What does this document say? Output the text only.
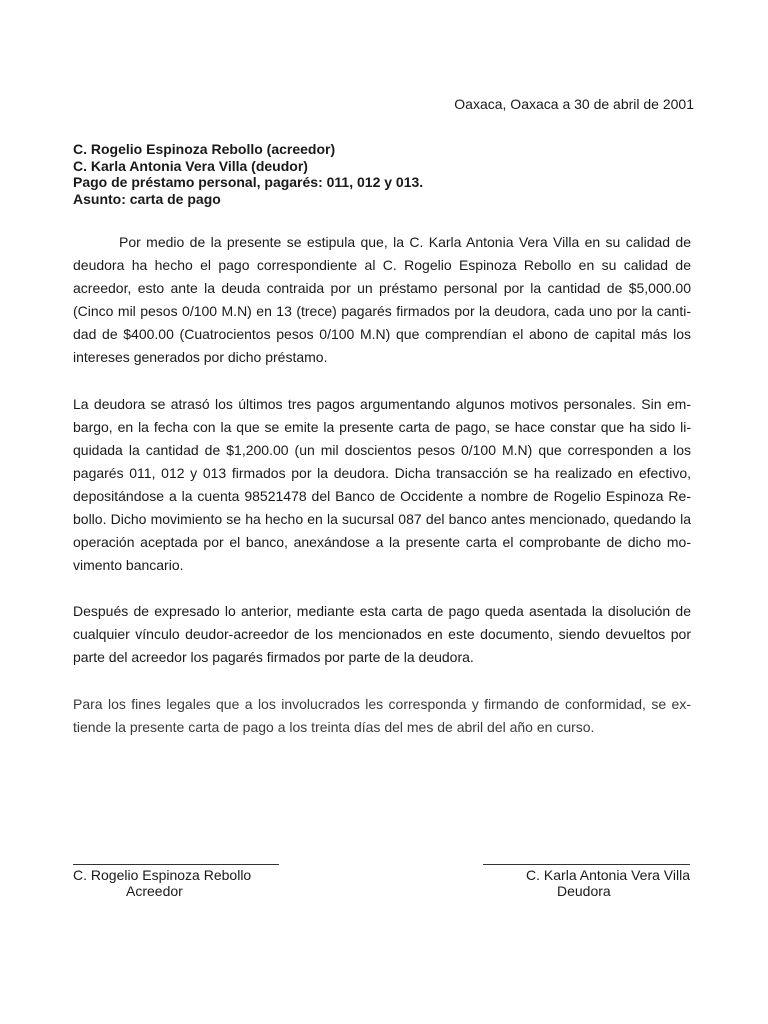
Oaxaca, Oaxaca a 30 de abril de 2001
C. Rogelio Espinoza Rebollo (acreedor)
C. Karla Antonia Vera Villa (deudor)
Pago de préstamo personal, pagarés: 011, 012 y 013.
Asunto: carta de pago

Por medio de la presente se estipula que, la C. Karla Antonia Vera Villa en su calidad de deudora ha hecho el pago correspondiente al C. Rogelio Espinoza Rebollo en su calidad de acreedor, esto ante la deuda contraida por un préstamo personal por la cantidad de $5,000.00 (Cinco mil pesos 0/100 M.N) en 13 (trece) pagarés firmados por la deudora, cada uno por la cantidad de $400.00 (Cuatrocientos pesos 0/100 M.N) que comprendían el abono de capital más los intereses generados por dicho préstamo.

La deudora se atrasó los últimos tres pagos argumentando algunos motivos personales. Sin embargo, en la fecha con la que se emite la presente carta de pago, se hace constar que ha sido liquidada la cantidad de $1,200.00 (un mil doscientos pesos 0/100 M.N) que corresponden a los pagarés 011, 012 y 013 firmados por la deudora. Dicha transacción se ha realizado en efectivo, depositándose a la cuenta 98521478 del Banco de Occidente a nombre de Rogelio Espinoza Rebollo. Dicho movimiento se ha hecho en la sucursal 087 del banco antes mencionado, quedando la operación aceptada por el banco, anexándose a la presente carta el comprobante de dicho movimento bancario.

Después de expresado lo anterior, mediante esta carta de pago queda asentada la disolución de cualquier vínculo deudor-acreedor de los mencionados en este documento, siendo devueltos por parte del acreedor los pagarés firmados por parte de la deudora.

Para los fines legales que a los involucrados les corresponda y firmando de conformidad, se extiende la presente carta de pago a los treinta días del mes de abril del año en curso.

C. Rogelio Espinoza Rebollo
Acreedor
C. Karla Antonia Vera Villa
Deudora
